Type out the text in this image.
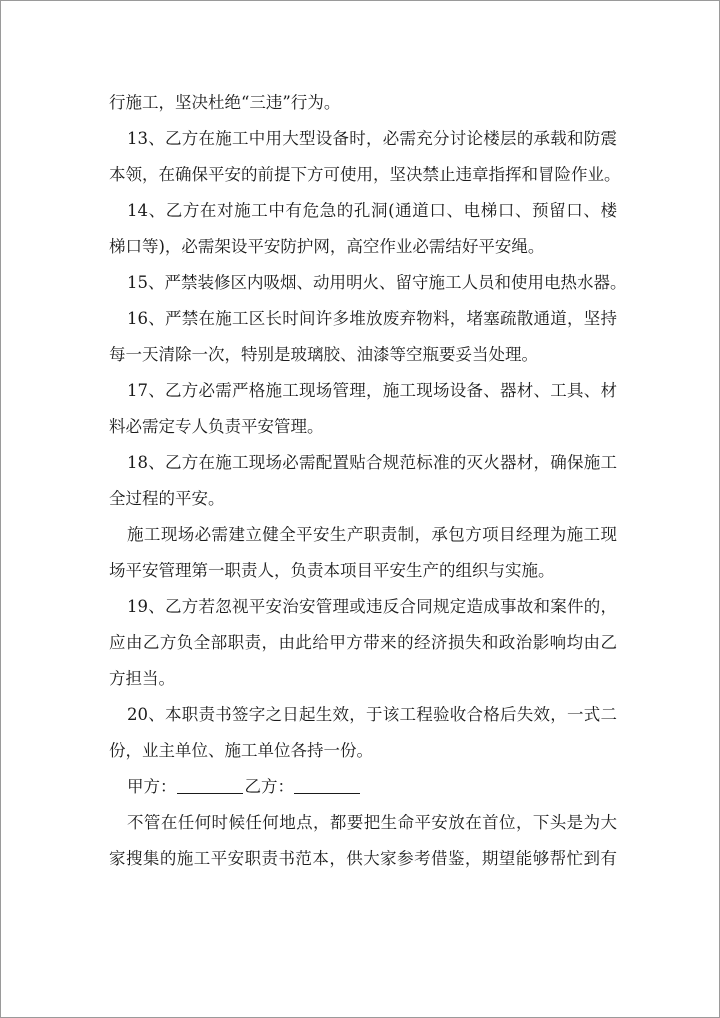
行施工，坚决杜绝“三违”行为。
13、乙方在施工中用大型设备时，必需充分讨论楼层的承载和防震
本领，在确保平安的前提下方可使用，坚决禁止违章指挥和冒险作业。
14、乙方在对施工中有危急的孔洞(通道口、电梯口、预留口、楼
梯口等)，必需架设平安防护网，高空作业必需结好平安绳。
15、严禁装修区内吸烟、动用明火、留守施工人员和使用电热水器。
16、严禁在施工区长时间许多堆放废弃物料，堵塞疏散通道，坚持
每一天清除一次，特别是玻璃胶、油漆等空瓶要妥当处理。
17、乙方必需严格施工现场管理，施工现场设备、器材、工具、材
料必需定专人负责平安管理。
18、乙方在施工现场必需配置贴合规范标准的灭火器材，确保施工
全过程的平安。
施工现场必需建立健全平安生产职责制，承包方项目经理为施工现
场平安管理第一职责人，负责本项目平安生产的组织与实施。
19、乙方若忽视平安治安管理或违反合同规定造成事故和案件的，
应由乙方负全部职责，由此给甲方带来的经济损失和政治影响均由乙
方担当。
20、本职责书签字之日起生效，于该工程验收合格后失效，一式二
份，业主单位、施工单位各持一份。
甲方：	乙方：
不管在任何时候任何地点，都要把生命平安放在首位，下头是为大
家搜集的施工平安职责书范本，供大家参考借鉴，期望能够帮忙到有
